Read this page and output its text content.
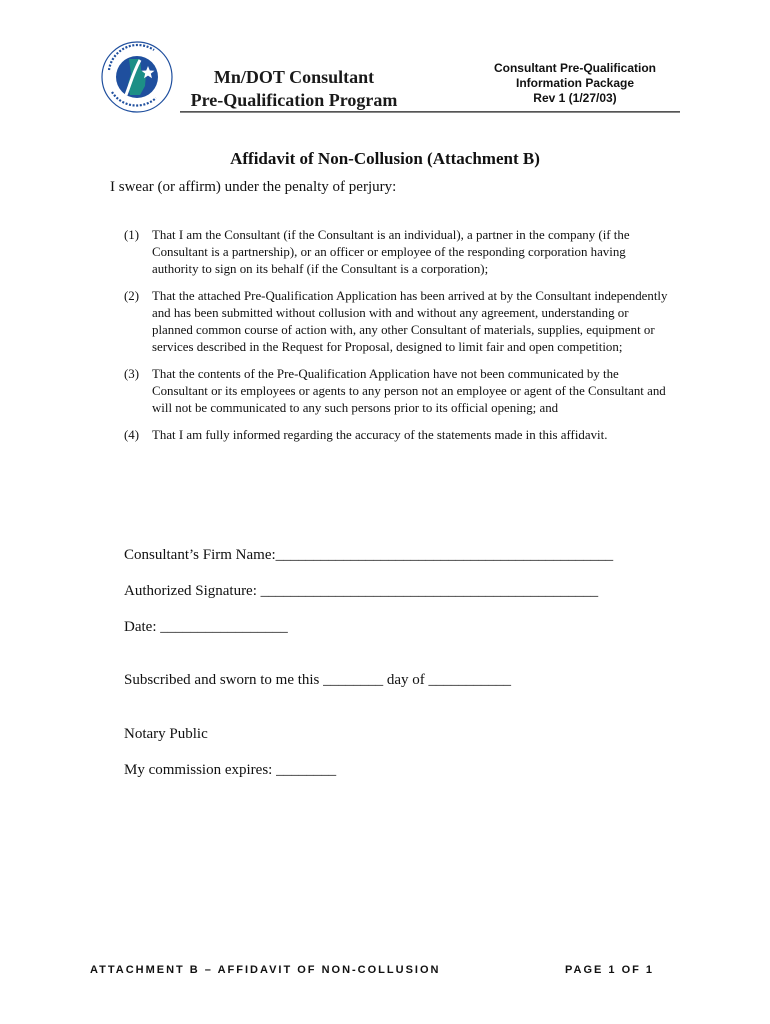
Mn/DOT Consultant
Pre-Qualification Program
Consultant Pre-Qualification
Information Package
Rev 1 (1/27/03)
Affidavit of Non-Collusion (Attachment B)
I swear (or affirm) under the penalty of perjury:
(1)	That I am the Consultant (if the Consultant is an individual), a partner in the company (if the Consultant is a partnership), or an officer or employee of the responding corporation having authority to sign on its behalf (if the Consultant is a corporation);
(2)	That the attached Pre-Qualification Application has been arrived at by the Consultant independently and has been submitted without collusion with and without any agreement, understanding or planned common course of action with, any other Consultant of materials, supplies, equipment or services described in the Request for Proposal, designed to limit fair and open competition;
(3)	That the contents of the Pre-Qualification Application have not been communicated by the Consultant or its employees or agents to any person not an employee or agent of the Consultant and will not be communicated to any such persons prior to its official opening; and
(4)	That I am fully informed regarding the accuracy of the statements made in this affidavit.
Consultant’s Firm Name:_____________________________________________
Authorized Signature: _____________________________________________
Date: _________________
Subscribed and sworn to me this ________ day of ___________
Notary Public
My commission expires: ________
ATTACHMENT B – AFFIDAVIT OF NON-COLLUSION	PAGE 1 OF 1
